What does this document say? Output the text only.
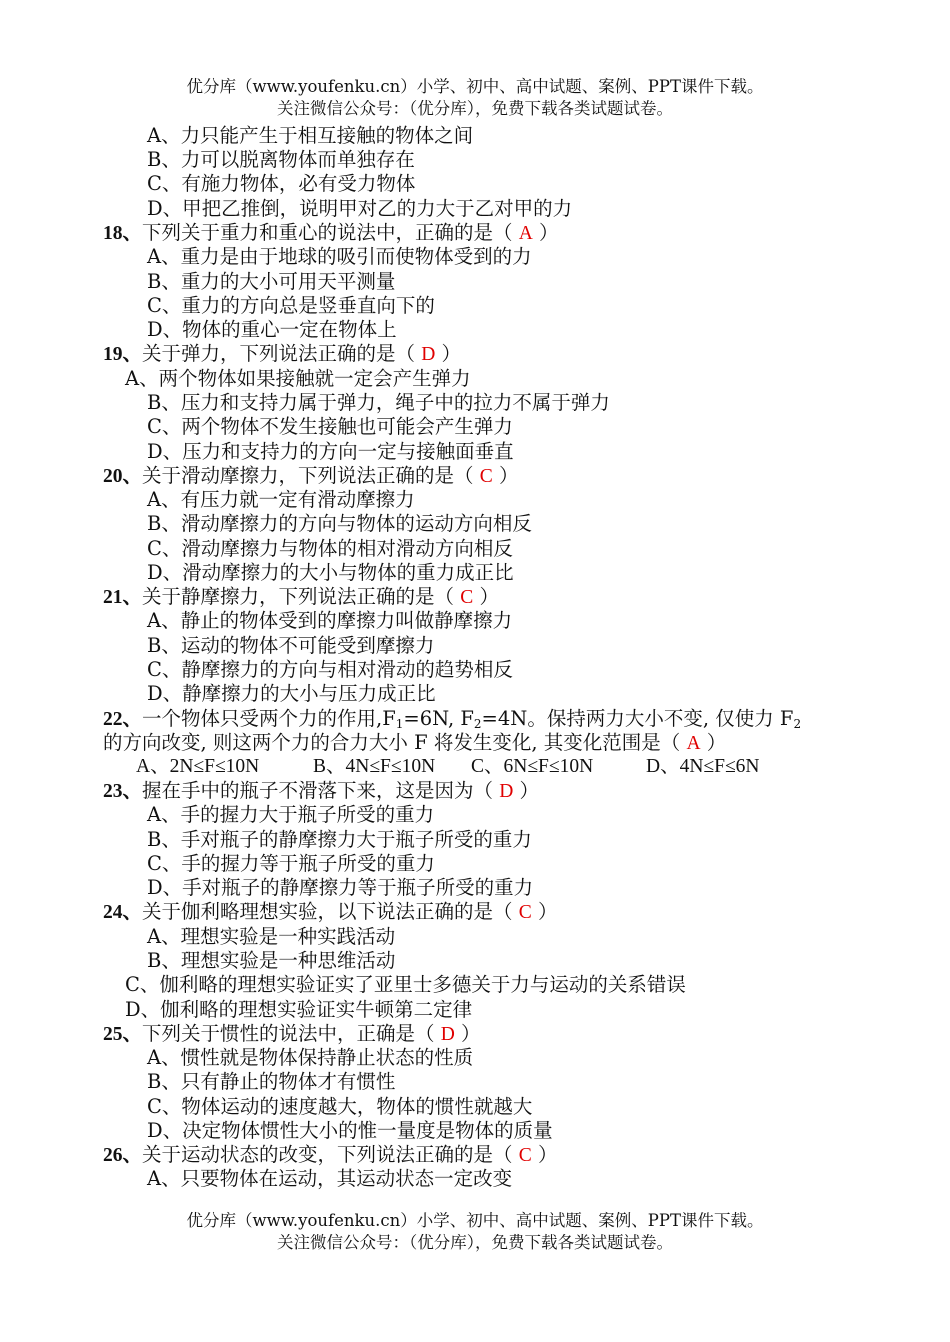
优分库（www.youfenku.cn）小学、初中、高中试题、案例、PPT课件下载。
关注微信公众号：（优分库），免费下载各类试题试卷。
A、力只能产生于相互接触的物体之间
B、力可以脱离物体而单独存在
C、有施力物体，必有受力物体
D、甲把乙推倒，说明甲对乙的力大于乙对甲的力
18、下列关于重力和重心的说法中，正确的是（ A ）
A、重力是由于地球的吸引而使物体受到的力
B、重力的大小可用天平测量
C、重力的方向总是竖垂直向下的
D、物体的重心一定在物体上
19、关于弹力，下列说法正确的是（ D ）
A、两个物体如果接触就一定会产生弹力
B、压力和支持力属于弹力，绳子中的拉力不属于弹力
C、两个物体不发生接触也可能会产生弹力
D、压力和支持力的方向一定与接触面垂直
20、关于滑动摩擦力，下列说法正确的是（ C ）
A、有压力就一定有滑动摩擦力
B、滑动摩擦力的方向与物体的运动方向相反
C、滑动摩擦力与物体的相对滑动方向相反
D、滑动摩擦力的大小与物体的重力成正比
21、关于静摩擦力，下列说法正确的是（ C ）
A、静止的物体受到的摩擦力叫做静摩擦力
B、运动的物体不可能受到摩擦力
C、静摩擦力的方向与相对滑动的趋势相反
D、静摩擦力的大小与压力成正比
22、一个物体只受两个力的作用$,F_1=6N$, $F_2=4N$。保持两力大小不变, 仅使力 $F_2$
的方向改变, 则这两个力的合力大小 F 将发生变化, 其变化范围是（ A ）
A、2N≤F≤10N	B、4N≤F≤10N C、6N≤F≤10N	D、4N≤F≤6N
23、握在手中的瓶子不滑落下来，这是因为（ D ）
A、手的握力大于瓶子所受的重力
B、手对瓶子的静摩擦力大于瓶子所受的重力
C、手的握力等于瓶子所受的重力
D、手对瓶子的静摩擦力等于瓶子所受的重力
24、关于伽利略理想实验，以下说法正确的是（ C ）
A、理想实验是一种实践活动
B、理想实验是一种思维活动
C、伽利略的理想实验证实了亚里士多德关于力与运动的关系错误
D、伽利略的理想实验证实牛顿第二定律
25、下列关于惯性的说法中，正确是（ D ）
A、惯性就是物体保持静止状态的性质
B、只有静止的物体才有惯性
C、物体运动的速度越大，物体的惯性就越大
D、决定物体惯性大小的惟一量度是物体的质量
26、关于运动状态的改变，下列说法正确的是（ C ）
A、只要物体在运动，其运动状态一定改变
优分库（www.youfenku.cn）小学、初中、高中试题、案例、PPT课件下载。
关注微信公众号：（优分库），免费下载各类试题试卷。
